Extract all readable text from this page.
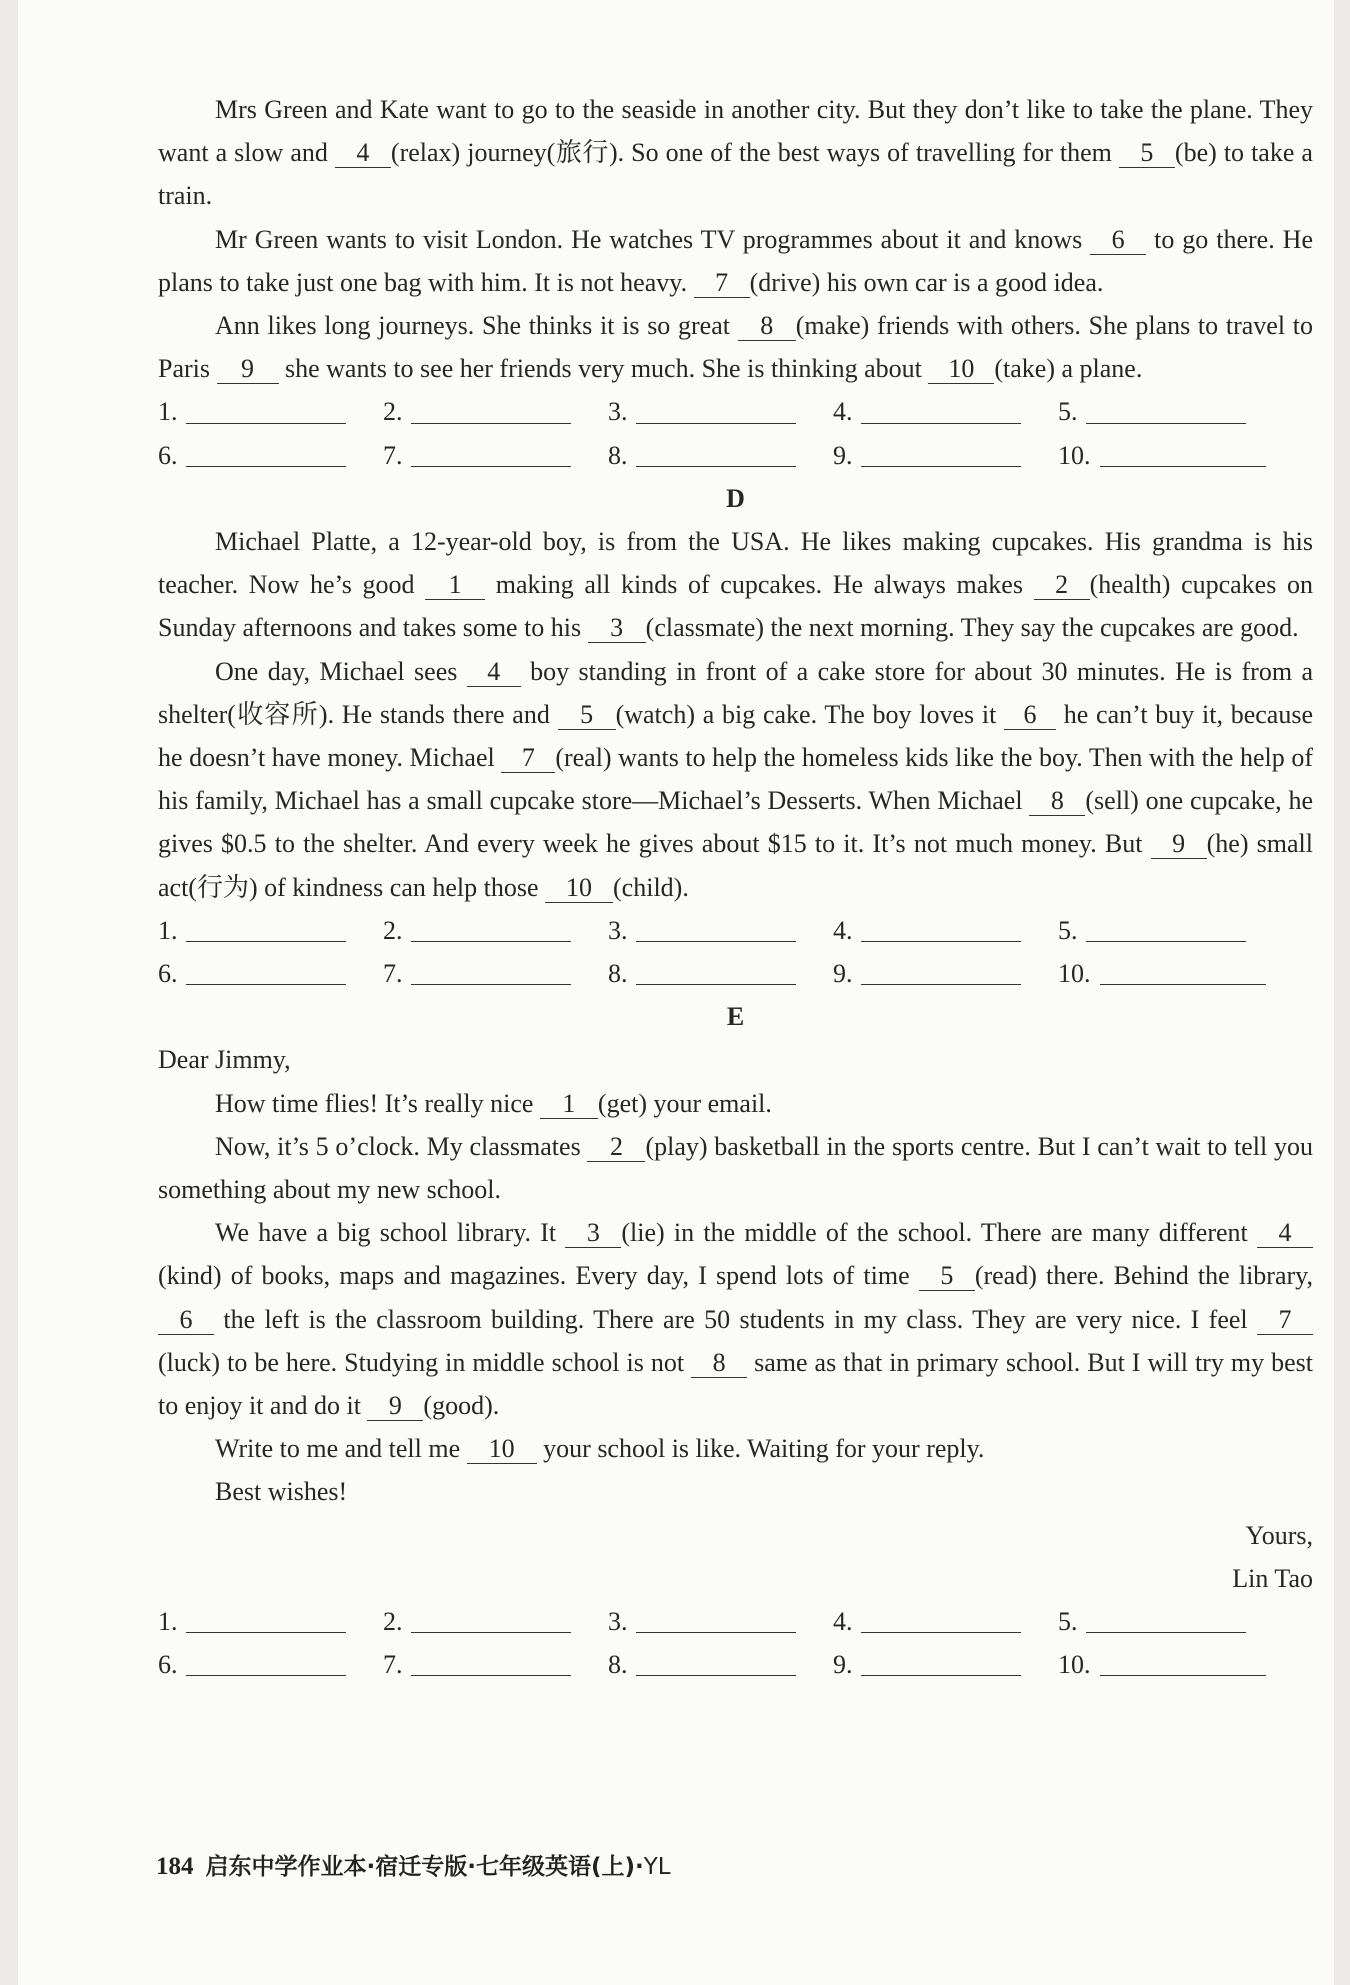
Mrs Green and Kate want to go to the seaside in another city. But they don’t like to take the plane. They want a slow and 4 (relax) journey(旅行). So one of the best ways of travelling for them 5 (be) to take a train.
Mr Green wants to visit London. He watches TV programmes about it and knows 6 to go there. He plans to take just one bag with him. It is not heavy. 7 (drive) his own car is a good idea.
Ann likes long journeys. She thinks it is so great 8 (make) friends with others. She plans to travel to Paris 9 she wants to see her friends very much. She is thinking about 10 (take) a plane.
1.	2.	3.	4.	5.
6.	7.	8.	9.	10.
D
Michael Platte, a 12-year-old boy, is from the USA. He likes making cupcakes. His grandma is his teacher. Now he’s good 1 making all kinds of cupcakes. He always makes 2 (health) cupcakes on Sunday afternoons and takes some to his 3 (classmate) the next morning. They say the cupcakes are good.
One day, Michael sees 4 boy standing in front of a cake store for about 30 minutes. He is from a shelter(收容所). He stands there and 5 (watch) a big cake. The boy loves it 6 he can’t buy it, because he doesn’t have money. Michael 7 (real) wants to help the homeless kids like the boy. Then with the help of his family, Michael has a small cupcake store—Michael’s Desserts. When Michael 8 (sell) one cupcake, he gives $0.5 to the shelter. And every week he gives about $15 to it. It’s not much money. But 9 (he) small act(行为) of kindness can help those 10 (child).
1.	2.	3.	4.	5.
6.	7.	8.	9.	10.
E
Dear Jimmy,
How time flies! It’s really nice 1 (get) your email.
Now, it’s 5 o’clock. My classmates 2 (play) basketball in the sports centre. But I can’t wait to tell you something about my new school.
We have a big school library. It 3 (lie) in the middle of the school. There are many different 4(kind) of books, maps and magazines. Every day, I spend lots of time 5 (read) there. Behind the library, 6 the left is the classroom building. There are 50 students in my class. They are very nice. I feel 7(luck) to be here. Studying in middle school is not 8 same as that in primary school. But I will try my best to enjoy it and do it 9 (good).
Write to me and tell me 10 your school is like. Waiting for your reply.
Best wishes!
Yours,
Lin Tao
1.	2.	3.	4.	5.
6.	7.	8.	9.	10.
184 启东中学作业本·宿迁专版·七年级英语(上)·YL
